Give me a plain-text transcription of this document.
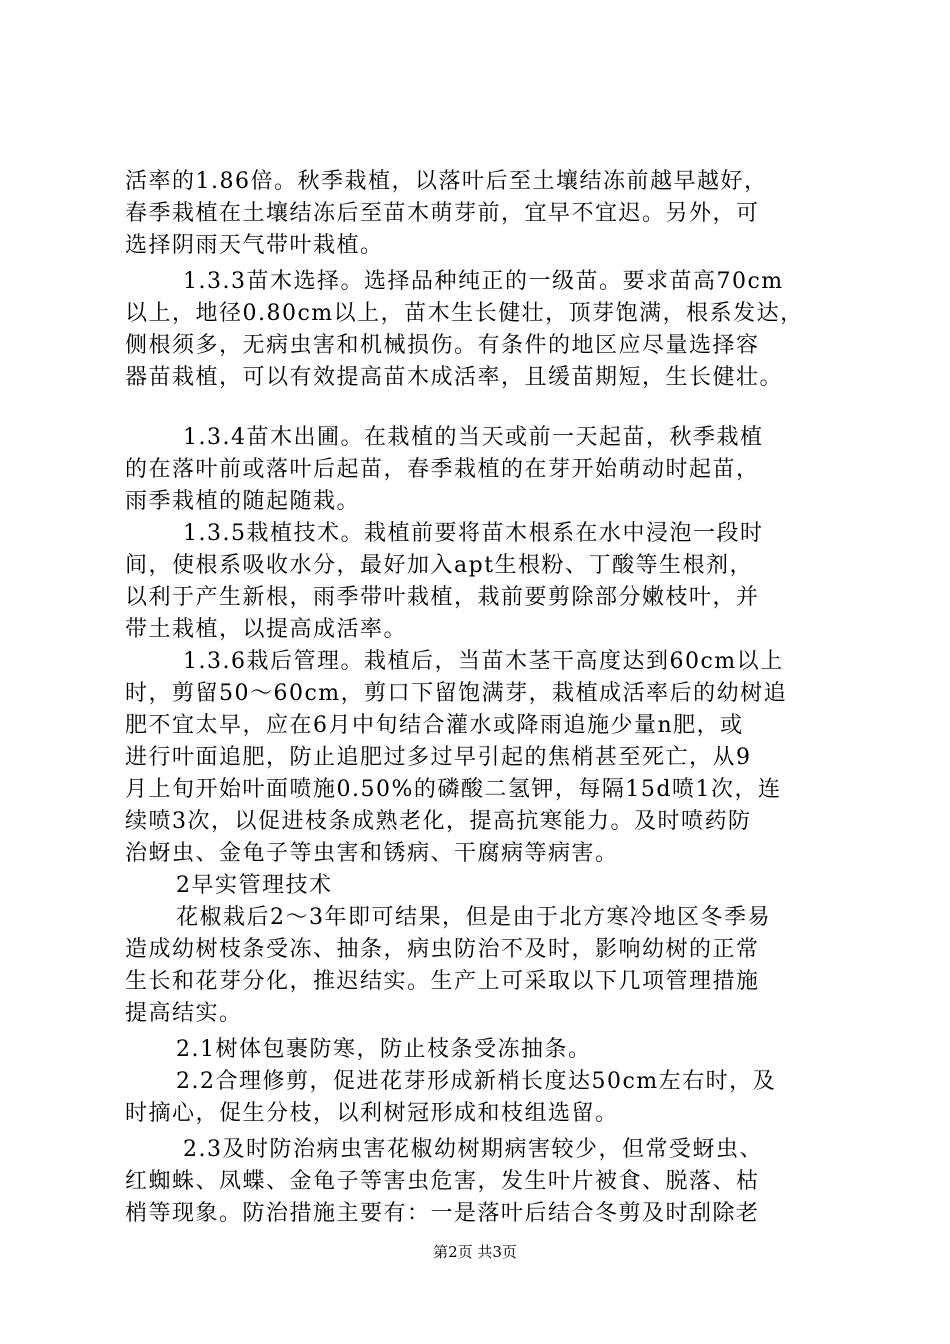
活率的1.86倍。秋季栽植，以落叶后至土壤结冻前越早越好，
春季栽植在土壤结冻后至苗木萌芽前，宜早不宜迟。另外，可
选择阴雨天气带叶栽植。
1.3.3苗木选择。选择品种纯正的一级苗。要求苗高70cm
以上，地径0.80cm以上，苗木生长健壮，顶芽饱满，根系发达，
侧根须多，无病虫害和机械损伤。有条件的地区应尽量选择容
器苗栽植，可以有效提高苗木成活率，且缓苗期短，生长健壮。
1.3.4苗木出圃。在栽植的当天或前一天起苗，秋季栽植
的在落叶前或落叶后起苗，春季栽植的在芽开始萌动时起苗，
雨季栽植的随起随栽。
1.3.5栽植技术。栽植前要将苗木根系在水中浸泡一段时
间，使根系吸收水分，最好加入apt生根粉、丁酸等生根剂，
以利于产生新根，雨季带叶栽植，栽前要剪除部分嫩枝叶，并
带土栽植，以提高成活率。
1.3.6栽后管理。栽植后，当苗木茎干高度达到60cm以上
时，剪留50～60cm，剪口下留饱满芽，栽植成活率后的幼树追
肥不宜太早，应在6月中旬结合灌水或降雨追施少量n肥，或
进行叶面追肥，防止追肥过多过早引起的焦梢甚至死亡，从9
月上旬开始叶面喷施0.50%的磷酸二氢钾，每隔15d喷1次，连
续喷3次，以促进枝条成熟老化，提高抗寒能力。及时喷药防
治蚜虫、金龟子等虫害和锈病、干腐病等病害。
2早实管理技术
花椒栽后2～3年即可结果，但是由于北方寒冷地区冬季易
造成幼树枝条受冻、抽条，病虫防治不及时，影响幼树的正常
生长和花芽分化，推迟结实。生产上可采取以下几项管理措施
提高结实。
2.1树体包裹防寒，防止枝条受冻抽条。
2.2合理修剪，促进花芽形成新梢长度达50cm左右时，及
时摘心，促生分枝，以利树冠形成和枝组选留。
2.3及时防治病虫害花椒幼树期病害较少，但常受蚜虫、
红蜘蛛、凤蝶、金龟子等害虫危害，发生叶片被食、脱落、枯
梢等现象。防治措施主要有：一是落叶后结合冬剪及时刮除老
第2页 共3页
